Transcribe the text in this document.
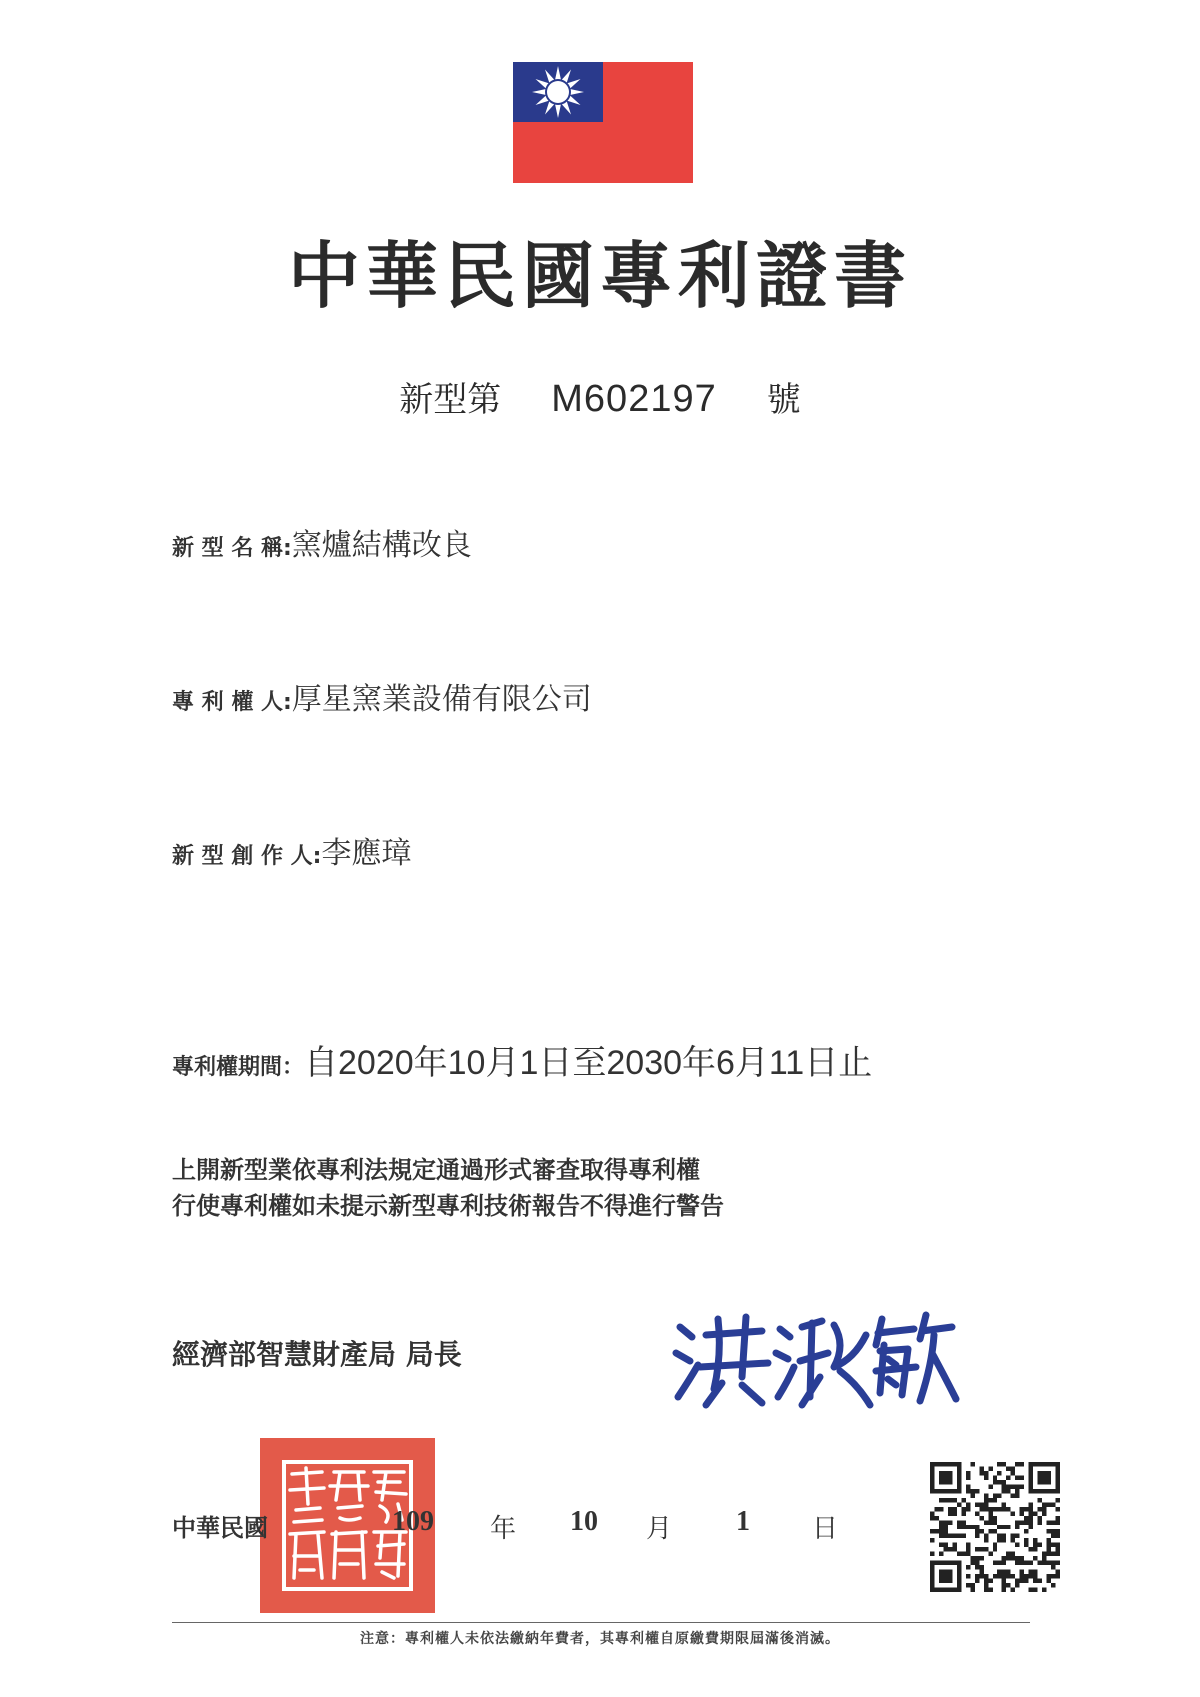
中華民國專利證書
新型第 M602197 號
新 型 名 稱:窯爐結構改良
專 利 權 人:厚星窯業設備有限公司
新 型 創 作 人:李應璋
專利權期間：自2020年10月1日至2030年6月11日止
上開新型業依專利法規定通過形式審查取得專利權
行使專利權如未提示新型專利技術報告不得進行警告
經濟部智慧財產局 局長
中華民國	109 年 10 月 1 日
注意：專利權人未依法繳納年費者，其專利權自原繳費期限屆滿後消滅。
